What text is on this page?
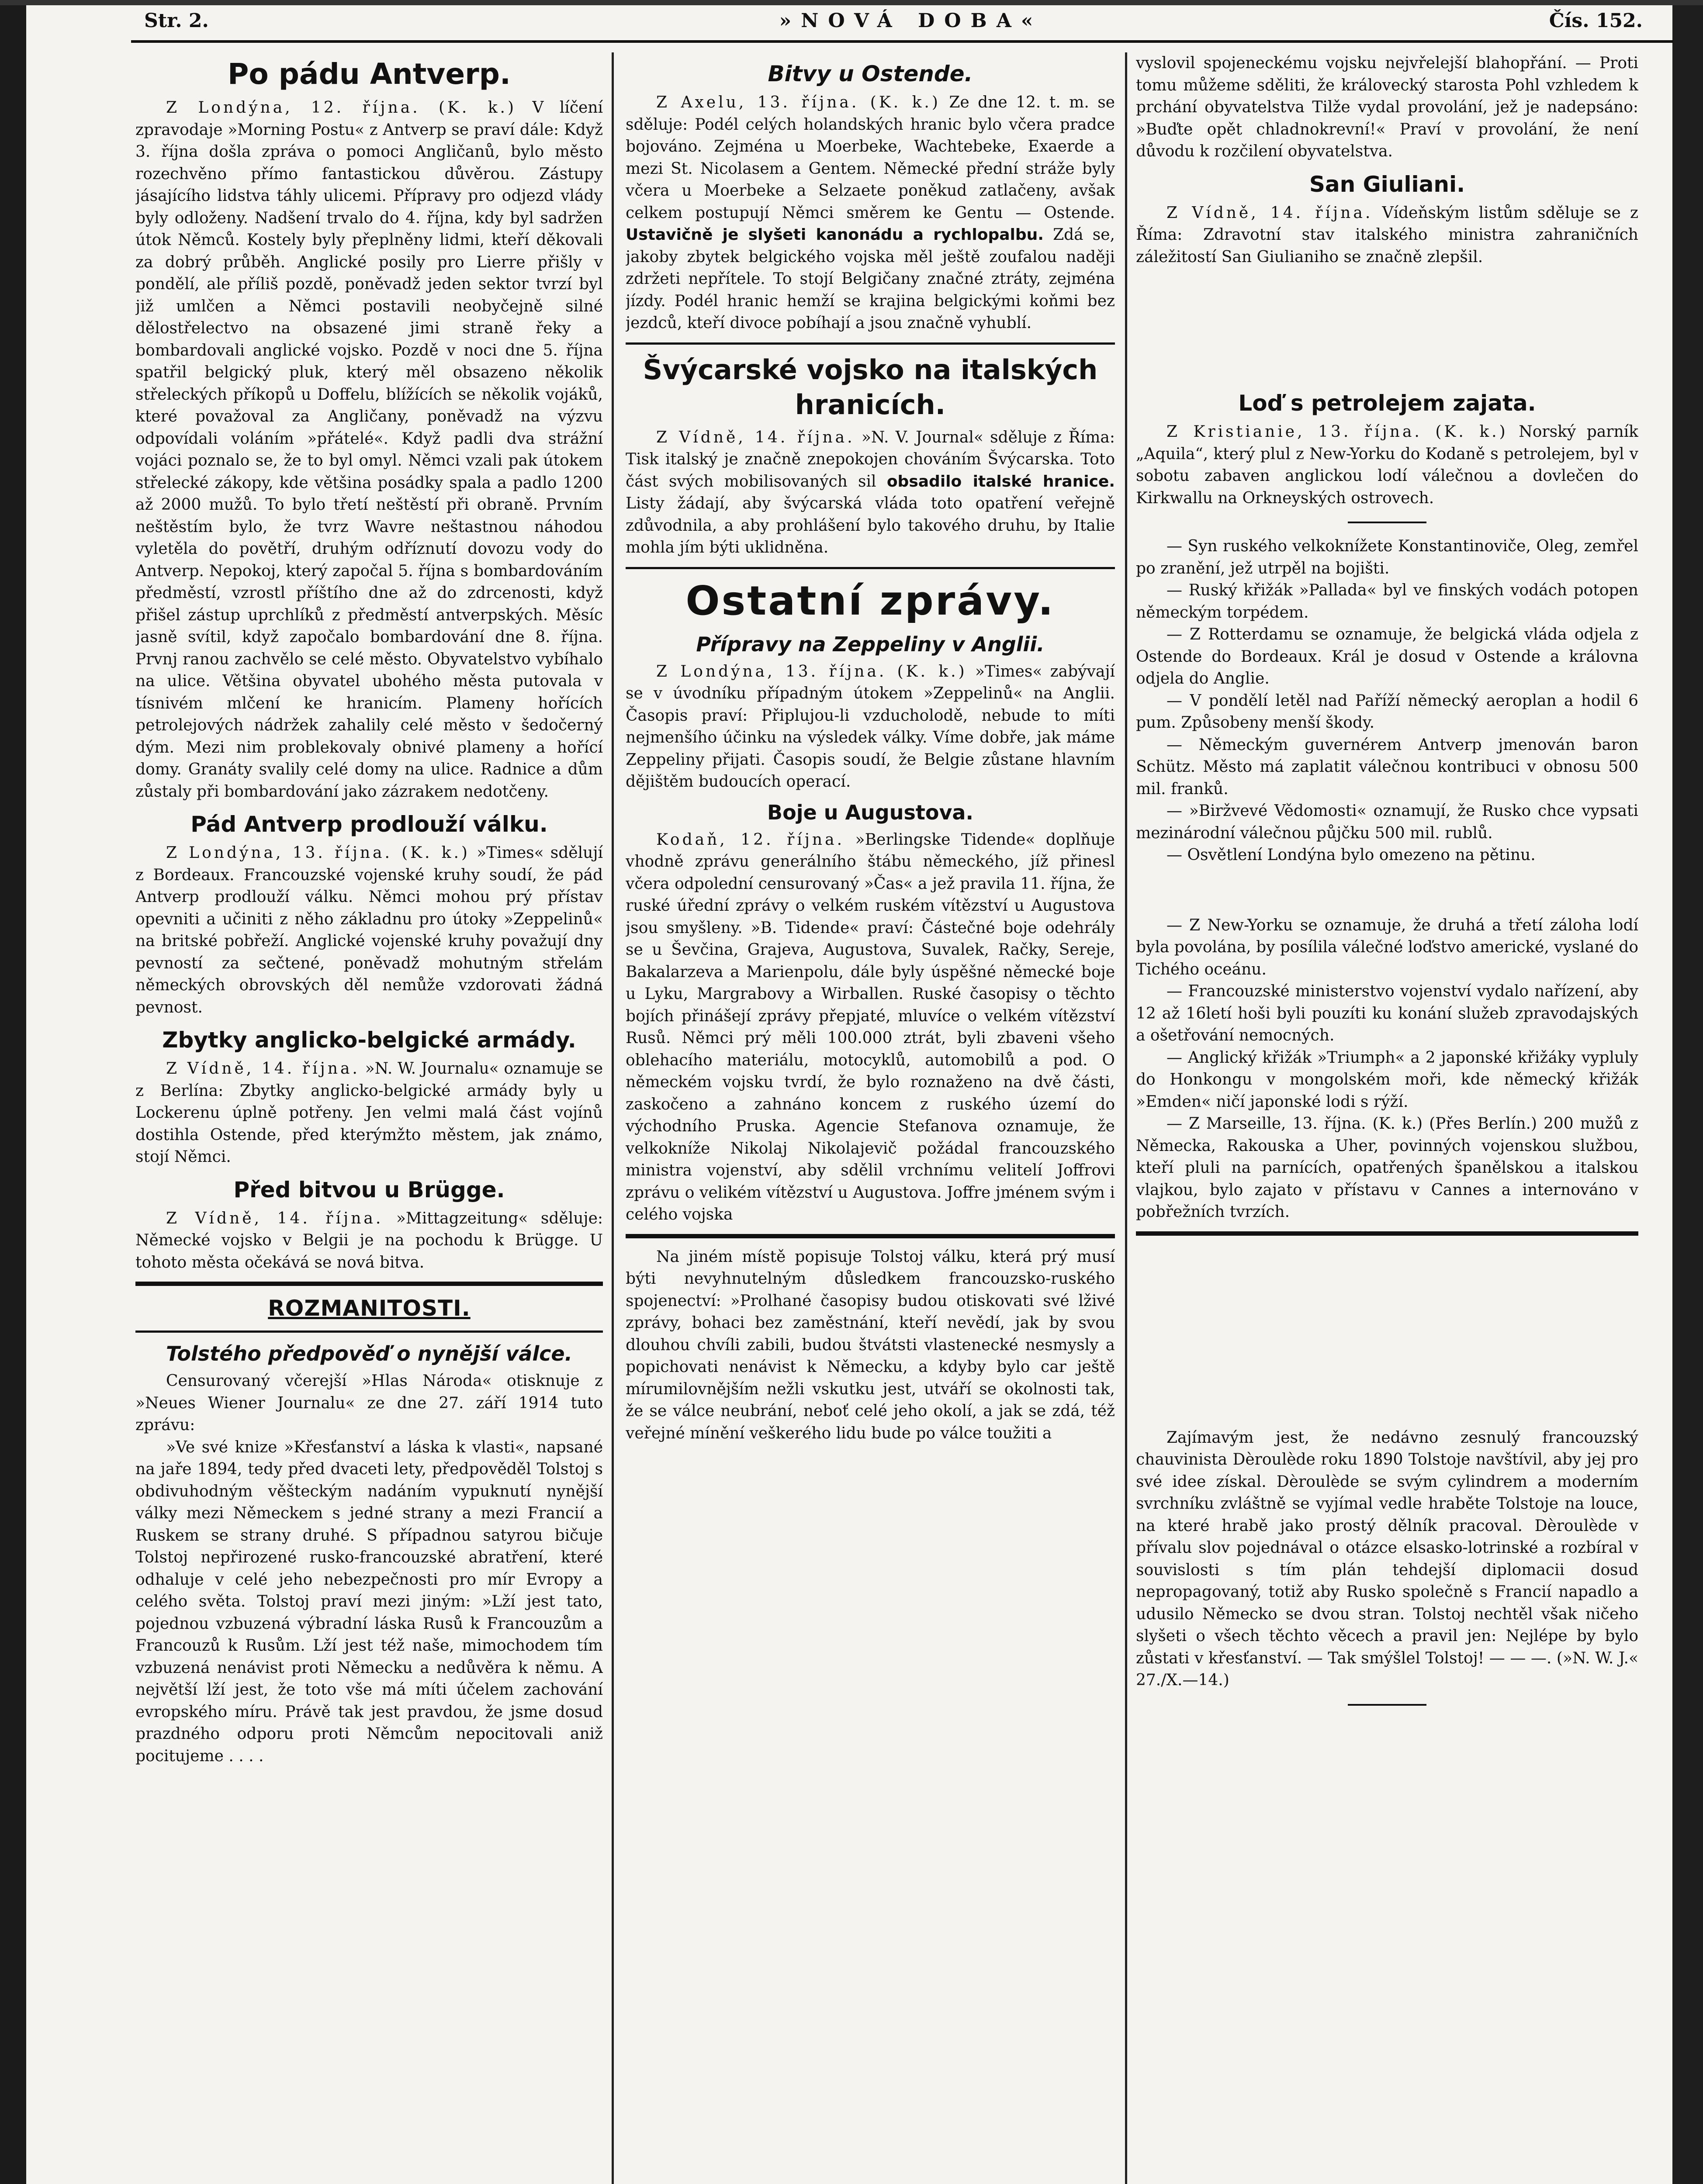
Str. 2.	»NOVÁ DOBA«	Čís. 152.
Po pádu Antverp.

Z Londýna, 12. října. (K. k.) V líčení zpravodaje »Morning Postu« z Antverp se praví dále: Když 3. října došla zpráva o pomoci Angličanů, bylo město rozechvěno přímo fantastickou důvěrou. Zástupy jásajícího lidstva táhly ulicemi. Přípravy pro odjezd vlády byly odloženy. Nadšení trvalo do 4. října, kdy byl sadržen útok Němců. Kostely byly přeplněny lidmi, kteří děkovali za dobrý průběh. Anglické posily pro Lierre přišly v pondělí, ale příliš pozdě, poněvadž jeden sektor tvrzí byl již umlčen a Němci postavili neobyčejně silné dělostřelectvo na obsazené jimi straně řeky a bombardovali anglické vojsko. Pozdě v noci dne 5. října spatřil belgický pluk, který měl obsazeno několik střeleckých příkopů u Doffelu, blížících se několik vojáků, které považoval za Angličany, poněvadž na výzvu odpovídali voláním »přátelé«. Když padli dva strážní vojáci poznalo se, že to byl omyl. Němci vzali pak útokem střelecké zákopy, kde většina posádky spala a padlo 1200 až 2000 mužů. To bylo třetí neštěstí při obraně. Prvním neštěstím bylo, že tvrz Wavre neštastnou náhodou vyletěla do povětří, druhým odříznutí dovozu vody do Antverp. Nepokoj, který započal 5. října s bombardováním předměstí, vzrostl příštího dne až do zdrcenosti, když přišel zástup uprchlíků z předměstí antverpských. Měsíc jasně svítil, když započalo bombardování dne 8. října. Prvnj ranou zachvělo se celé město. Obyvatelstvo vybíhalo na ulice. Většina obyvatel ubohého města putovala v tísnivém mlčení ke hranicím. Plameny hořících petrolejových nádržek zahalily celé město v šedočerný dým. Mezi nim problekovaly obnivé plameny a hořící domy. Granáty svalily celé domy na ulice. Radnice a dům zůstaly při bombardování jako zázrakem nedotčeny.

Pád Antverp prodlouží válku.

Z Londýna, 13. října. (K. k.) »Times« sdělují z Bordeaux. Francouzské vojenské kruhy soudí, že pád Antverp prodlouží válku. Němci mohou prý přístav opevniti a učiniti z něho základnu pro útoky »Zeppelinů« na britské pobřeží. Anglické vojenské kruhy považují dny pevností za sečtené, poněvadž mohutným střelám německých obrovských děl nemůže vzdorovati žádná pevnost.

Zbytky anglicko-belgické armády.

Z Vídně, 14. října. »N. W. Journalu« oznamuje se z Berlína: Zbytky anglicko-belgické armády byly u Lockerenu úplně potřeny. Jen velmi malá část vojínů dostihla Ostende, před kterýmžto městem, jak známo, stojí Němci.

Před bitvou u Brügge.

Z Vídně, 14. října. »Mittagzeitung« sděluje: Německé vojsko v Belgii je na pochodu k Brügge. U tohoto města očekává se nová bitva.

ROZMANITOSTI.
Tolstého předpověď o nynější válce.

Censurovaný včerejší »Hlas Národa« otisknuje z »Neues Wiener Journalu« ze dne 27. září 1914 tuto zprávu:

»Ve své knize »Křesťanství a láska k vlasti«, napsané na jaře 1894, tedy před dvaceti lety, předpověděl Tolstoj s obdivuhodným věšteckým nadáním vypuknutí nynější války mezi Německem s jedné strany a mezi Francií a Ruskem se strany druhé. S případnou satyrou bičuje Tolstoj nepřirozené rusko-francouzské abratření, které odhaluje v celé jeho nebezpečnosti pro mír Evropy a celého světa. Tolstoj praví mezi jiným: »Lží jest tato, pojednou vzbuzená výbradní láska Rusů k Francouzům a Francouzů k Rusům. Lží jest též naše, mimochodem tím vzbuzená nenávist proti Německu a nedůvěra k němu. A největší lží jest, že toto vše má míti účelem zachování evropského míru. Právě tak jest pravdou, že jsme dosud prazdného odporu proti Němcům nepocitovali aniž pocitujeme . . . .

Bitvy u Ostende.

Z Axelu, 13. října. (K. k.) Ze dne 12. t. m. se sděluje: Podél celých holandských hranic bylo včera pradce bojováno. Zejména u Moerbeke, Wachtebeke, Exaerde a mezi St. Nicolasem a Gentem. Německé přední stráže byly včera u Moerbeke a Selzaete poněkud zatlačeny, avšak celkem postupují Němci směrem ke Gentu — Ostende. Ustavičně je slyšeti kanonádu a rychlopalbu. Zdá se, jakoby zbytek belgického vojska měl ještě zoufalou naději zdržeti nepřítele. To stojí Belgičany značné ztráty, zejména jízdy. Podél hranic hemží se krajina belgickými koňmi bez jezdců, kteří divoce pobíhají a jsou značně vyhublí.

Švýcarské vojsko na italských hranicích.

Z Vídně, 14. října. »N. V. Journal« sděluje z Říma: Tisk italský je značně znepokojen chováním Švýcarska. Toto část svých mobilisovaných sil obsadilo italské hranice. Listy žádají, aby švýcarská vláda toto opatření veřejně zdůvodnila, a aby prohlášení bylo takového druhu, by Italie mohla jím býti uklidněna.

Ostatní zprávy.
Přípravy na Zeppeliny v Anglii.

Z Londýna, 13. října. (K. k.) »Times« zabývají se v úvodníku případným útokem »Zeppelinů« na Anglii. Časopis praví: Připlujou-li vzducholodě, nebude to míti nejmenšího účinku na výsledek války. Víme dobře, jak máme Zeppeliny přijati. Časopis soudí, že Belgie zůstane hlavním dějištěm budoucích operací.

Boje u Augustova.

Kodaň, 12. října. »Berlingske Tidende« doplňuje vhodně zprávu generálního štábu německého, jíž přinesl včera odpolední censurovaný »Čas« a jež pravila 11. října, že ruské úřední zprávy o velkém ruském vítězství u Augustova jsou smyšleny. »B. Tidende« praví: Částečné boje odehrály se u Ševčina, Grajeva, Augustova, Suvalek, Račky, Sereje, Bakalarzeva a Marienpolu, dále byly úspěšné německé boje u Lyku, Margrabovy a Wirballen. Ruské časopisy o těchto bojích přinášejí zprávy přepjaté, mluvíce o velkém vítězství Rusů. Němci prý měli 100.000 ztrát, byli zbaveni všeho oblehacího materiálu, motocyklů, automobilů a pod. O německém vojsku tvrdí, že bylo roznaženo na dvě části, zaskočeno a zahnáno koncem z ruského území do východního Pruska. Agencie Stefanova oznamuje, že velkokníže Nikolaj Nikolajevič požádal francouzského ministra vojenství, aby sdělil vrchnímu velitelí Joffrovi zprávu o velikém vítězství u Augustova. Joffre jménem svým i celého vojska

Na jiném místě popisuje Tolstoj válku, která prý musí býti nevyhnutelným důsledkem francouzsko-ruského spojenectví: »Prolhané časopisy budou otiskovati své lživé zprávy, bohaci bez zaměstnání, kteří nevědí, jak by svou dlouhou chvíli zabili, budou štvátsti vlastenecké nesmysly a popichovati nenávist k Německu, a kdyby bylo car ještě mírumilovnějším nežli vskutku jest, utváří se okolnosti tak, že se válce neubrání, neboť celé jeho okolí, a jak se zdá, též veřejné mínění veškerého lidu bude po válce toužiti a

vyslovil spojeneckému vojsku nejvřelejší blahopřání. — Proti tomu můžeme sděliti, že královecký starosta Pohl vzhledem k prchání obyvatelstva Tilže vydal provolání, jež je nadepsáno: »Buďte opět chladnokrevní!« Praví v provolání, že není důvodu k rozčilení obyvatelstva.

San Giuliani.

Z Vídně, 14. října. Vídeňským listům sděluje se z Říma: Zdravotní stav italského ministra zahraničních záležitostí San Giulianiho se značně zlepšil.

Loď s petrolejem zajata.

Z Kristianie, 13. října. (K. k.) Norský parník „Aquila“, který plul z New-Yorku do Kodaně s petrolejem, byl v sobotu zabaven anglickou lodí válečnou a dovlečen do Kirkwallu na Orkneyských ostrovech.

— Syn ruského velkoknížete Konstantinoviče, Oleg, zemřel po zranění, jež utrpěl na bojišti.

— Ruský křižák »Pallada« byl ve finských vodách potopen německým torpédem.

— Z Rotterdamu se oznamuje, že belgická vláda odjela z Ostende do Bordeaux. Král je dosud v Ostende a královna odjela do Anglie.

— V pondělí letěl nad Paříží německý aeroplan a hodil 6 pum. Způsobeny menší škody.

— Německým guvernérem Antverp jmenován baron Schütz. Město má zaplatit válečnou kontribuci v obnosu 500 mil. franků.

— »Biržvevé Vědomosti« oznamují, že Rusko chce vypsati mezinárodní válečnou půjčku 500 mil. rublů.

— Osvětlení Londýna bylo omezeno na pětinu.

— Z New-Yorku se oznamuje, že druhá a třetí záloha lodí byla povolána, by posílila válečné loďstvo americké, vyslané do Tichého oceánu.

— Francouzské ministerstvo vojenství vydalo nařízení, aby 12 až 16letí hoši byli pouzíti ku konání služeb zpravodajských a ošetřování nemocných.

— Anglický křižák »Triumph« a 2 japonské křižáky vypluly do Honkongu v mongolském moři, kde německý křižák »Emden« ničí japonské lodi s rýží.

— Z Marseille, 13. října. (K. k.) (Přes Berlín.) 200 mužů z Německa, Rakouska a Uher, povinných vojenskou službou, kteří pluli na parnících, opatřených španělskou a italskou vlajkou, bylo zajato v přístavu v Cannes a internováno v pobřežních tvrzích.

Zajímavým jest, že nedávno zesnulý francouzský chauvinista Dèroulède roku 1890 Tolstoje navštívil, aby jej pro své idee získal. Dèroulède se svým cylindrem a moderním svrchníku zvláštně se vyjímal vedle hraběte Tolstoje na louce, na které hrabě jako prostý dělník pracoval. Dèroulède v přívalu slov pojednával o otázce elsasko-lotrinské a rozbíral v souvislosti s tím plán tehdejší diplomacii dosud nepropagovaný, totiž aby Rusko společně s Francií napadlo a udusilo Německo se dvou stran. Tolstoj nechtěl však ničeho slyšeti o všech těchto věcech a pravil jen: Nejlépe by bylo zůstati v křesťanství. — Tak smýšlel Tolstoj! — — —. (»N. W. J.« 27./X.—14.)
